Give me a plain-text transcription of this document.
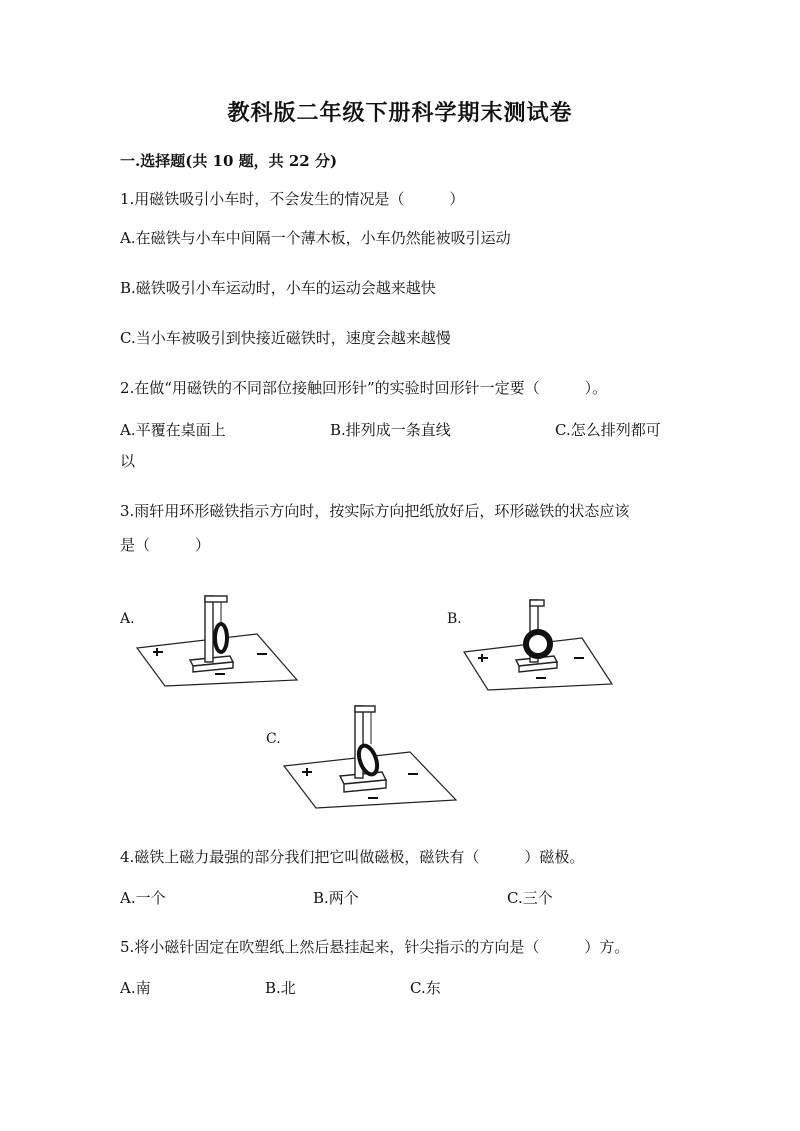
教科版二年级下册科学期末测试卷
一.选择题(共 10 题，共 22 分)
1.用磁铁吸引小车时，不会发生的情况是（　　　）
A.在磁铁与小车中间隔一个薄木板，小车仍然能被吸引运动
B.磁铁吸引小车运动时，小车的运动会越来越快
C.当小车被吸引到快接近磁铁时，速度会越来越慢
2.在做“用磁铁的不同部位接触回形针”的实验时回形针一定要（　　　）。
A.平覆在桌面上	B.排列成一条直线	C.怎么排列都可
以
3.雨轩用环形磁铁指示方向时，按实际方向把纸放好后，环形磁铁的状态应该
是（　　　）
A.	B.
C.
4.磁铁上磁力最强的部分我们把它叫做磁极，磁铁有（　　　）磁极。
A.一个	B.两个	C.三个
5.将小磁针固定在吹塑纸上然后悬挂起来，针尖指示的方向是（　　　）方。
A.南	B.北	C.东
